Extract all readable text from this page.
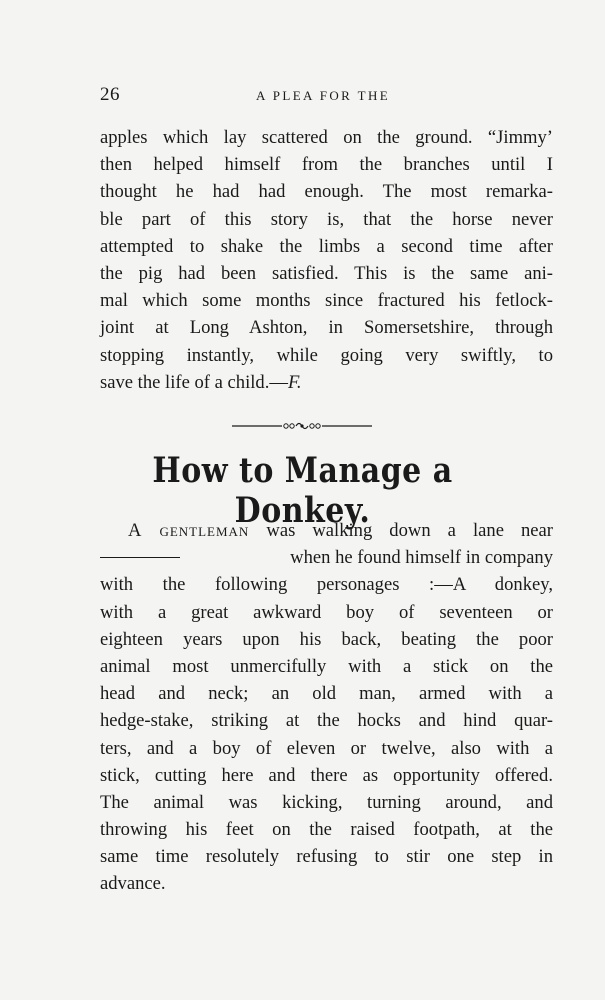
26	A PLEA FOR THE
apples which lay scattered on the ground. “Jimmy’
then helped himself from the branches until I
thought he had had enough. The most remarka-
ble part of this story is, that the horse never
attempted to shake the limbs a second time after
the pig had been satisfied. This is the same ani-
mal which some months since fractured his fetlock-
joint at Long Ashton, in Somersetshire, through
stopping instantly, while going very swiftly, to
save the life of a child.—F.
How to Manage a Donkey.
A gentleman was walking down a lane near
when he found himself in company
with the following personages :—A donkey,
with a great awkward boy of seventeen or
eighteen years upon his back, beating the poor
animal most unmercifully with a stick on the
head and neck; an old man, armed with a
hedge-stake, striking at the hocks and hind quar-
ters, and a boy of eleven or twelve, also with a
stick, cutting here and there as opportunity offered.
The animal was kicking, turning around, and
throwing his feet on the raised footpath, at the
same time resolutely refusing to stir one step in
advance.
